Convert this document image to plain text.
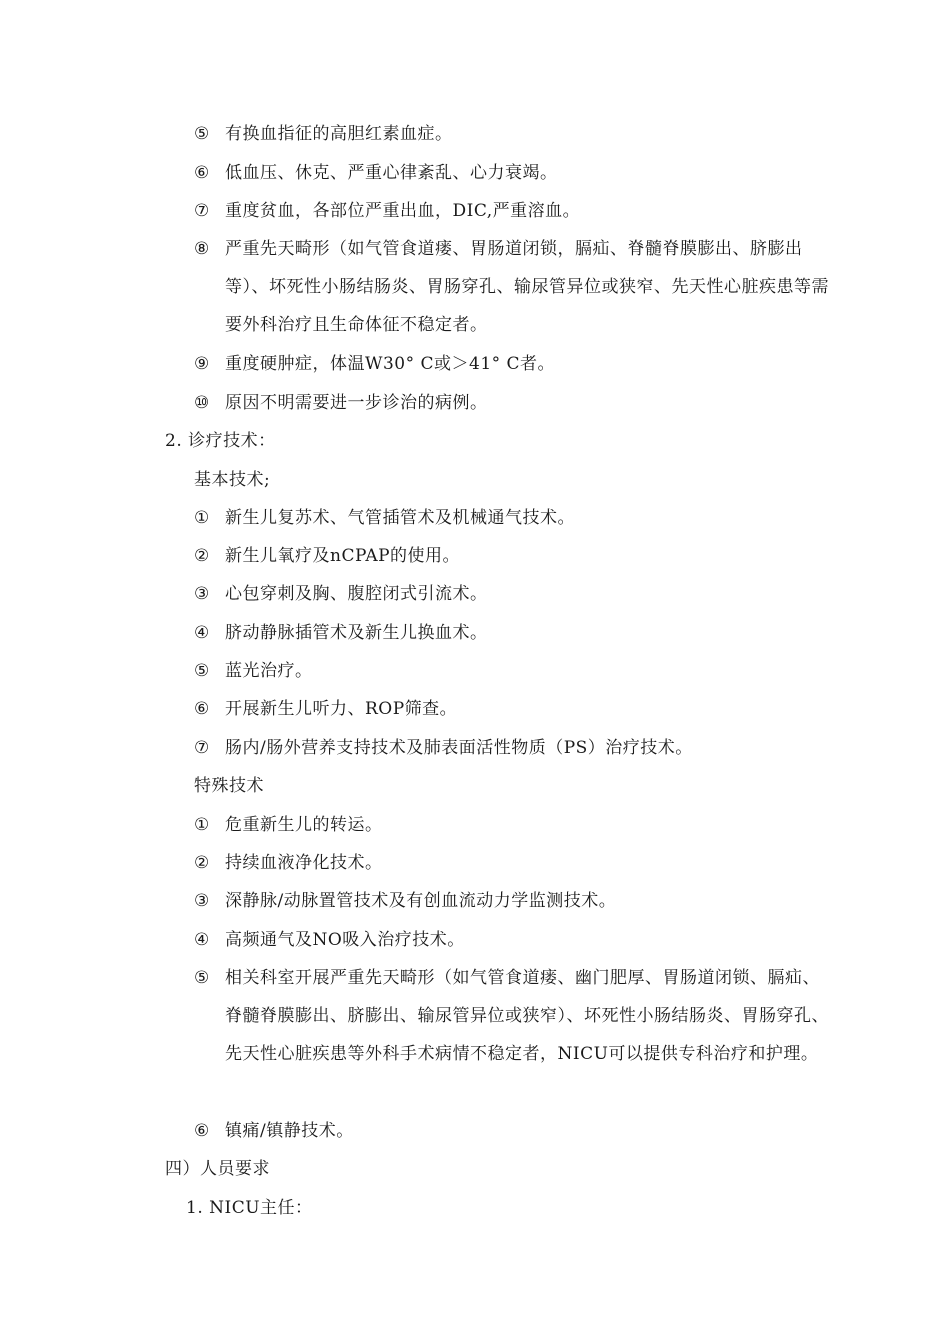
⑤ 有换血指征的高胆红素血症。
⑥ 低血压、休克、严重心律紊乱、心力衰竭。
⑦ 重度贫血，各部位严重出血，DIC,严重溶血。
⑧ 严重先天畸形（如气管食道瘘、胃肠道闭锁，膈疝、脊髓脊膜膨出、脐膨出等）、坏死性小肠结肠炎、胃肠穿孔、输尿管异位或狭窄、先天性心脏疾患等需要外科治疗且生命体征不稳定者。
⑨ 重度硬肿症，体温W30° C或＞41° C者。
⑩ 原因不明需要进一步诊治的病例。
2. 诊疗技术：
基本技术;
① 新生儿复苏术、气管插管术及机械通气技术。
② 新生儿氧疗及nCPAP的使用。
③ 心包穿刺及胸、腹腔闭式引流术。
④ 脐动静脉插管术及新生儿换血术。
⑤ 蓝光治疗。
⑥ 开展新生儿听力、ROP筛查。
⑦ 肠内/肠外营养支持技术及肺表面活性物质（PS）治疗技术。
特殊技术
① 危重新生儿的转运。
② 持续血液净化技术。
③ 深静脉/动脉置管技术及有创血流动力学监测技术。
④ 高频通气及NO吸入治疗技术。
⑤ 相关科室开展严重先天畸形（如气管食道瘘、幽门肥厚、胃肠道闭锁、膈疝、脊髓脊膜膨出、脐膨出、输尿管异位或狭窄）、坏死性小肠结肠炎、胃肠穿孔、先天性心脏疾患等外科手术病情不稳定者，NICU可以提供专科治疗和护理。
⑥ 镇痛/镇静技术。
四）人员要求
1. NICU主任：
